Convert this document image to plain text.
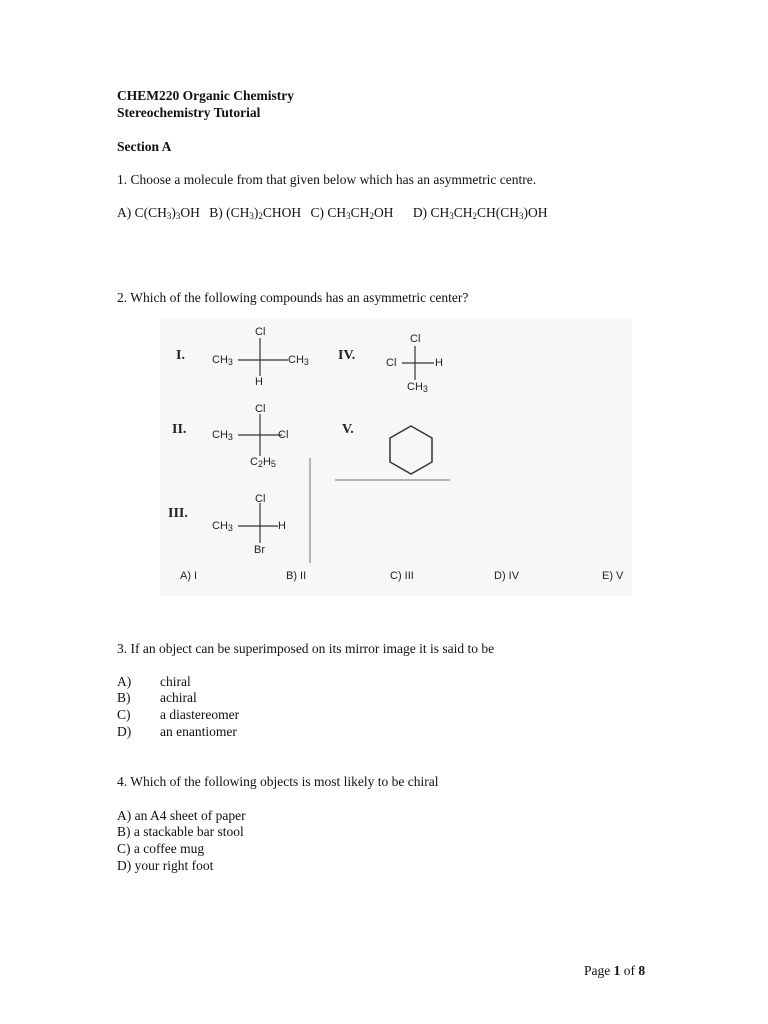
CHEM220 Organic Chemistry
Stereochemistry Tutorial
Section A
1. Choose a molecule from that given below which has an asymmetric centre.
A) $C(CH_3)_3OH$ B) $(CH_3)_2CHOH$ C) $CH_3CH_2OH$ D) $CH_3CH_2CH(CH_3)OH$
2. Which of the following compounds has an asymmetric center?
I.
Cl
$CH_3$	$CH_3$
H
II.
Cl
$CH_3$	Cl
$C_2H_5$
III.
Cl
$CH_3$	H
Br
IV.
Cl
Cl	H
$CH_3$
V.
A) I	B) II	C) III	D) IV	E) V
3. If an object can be superimposed on its mirror image it is said to be
A) chiral
B) achiral
C) a diastereomer
D) an enantiomer
4. Which of the following objects is most likely to be chiral
A) an A4 sheet of paper
B) a stackable bar stool
C) a coffee mug
D) your right foot
Page 1 of 8
